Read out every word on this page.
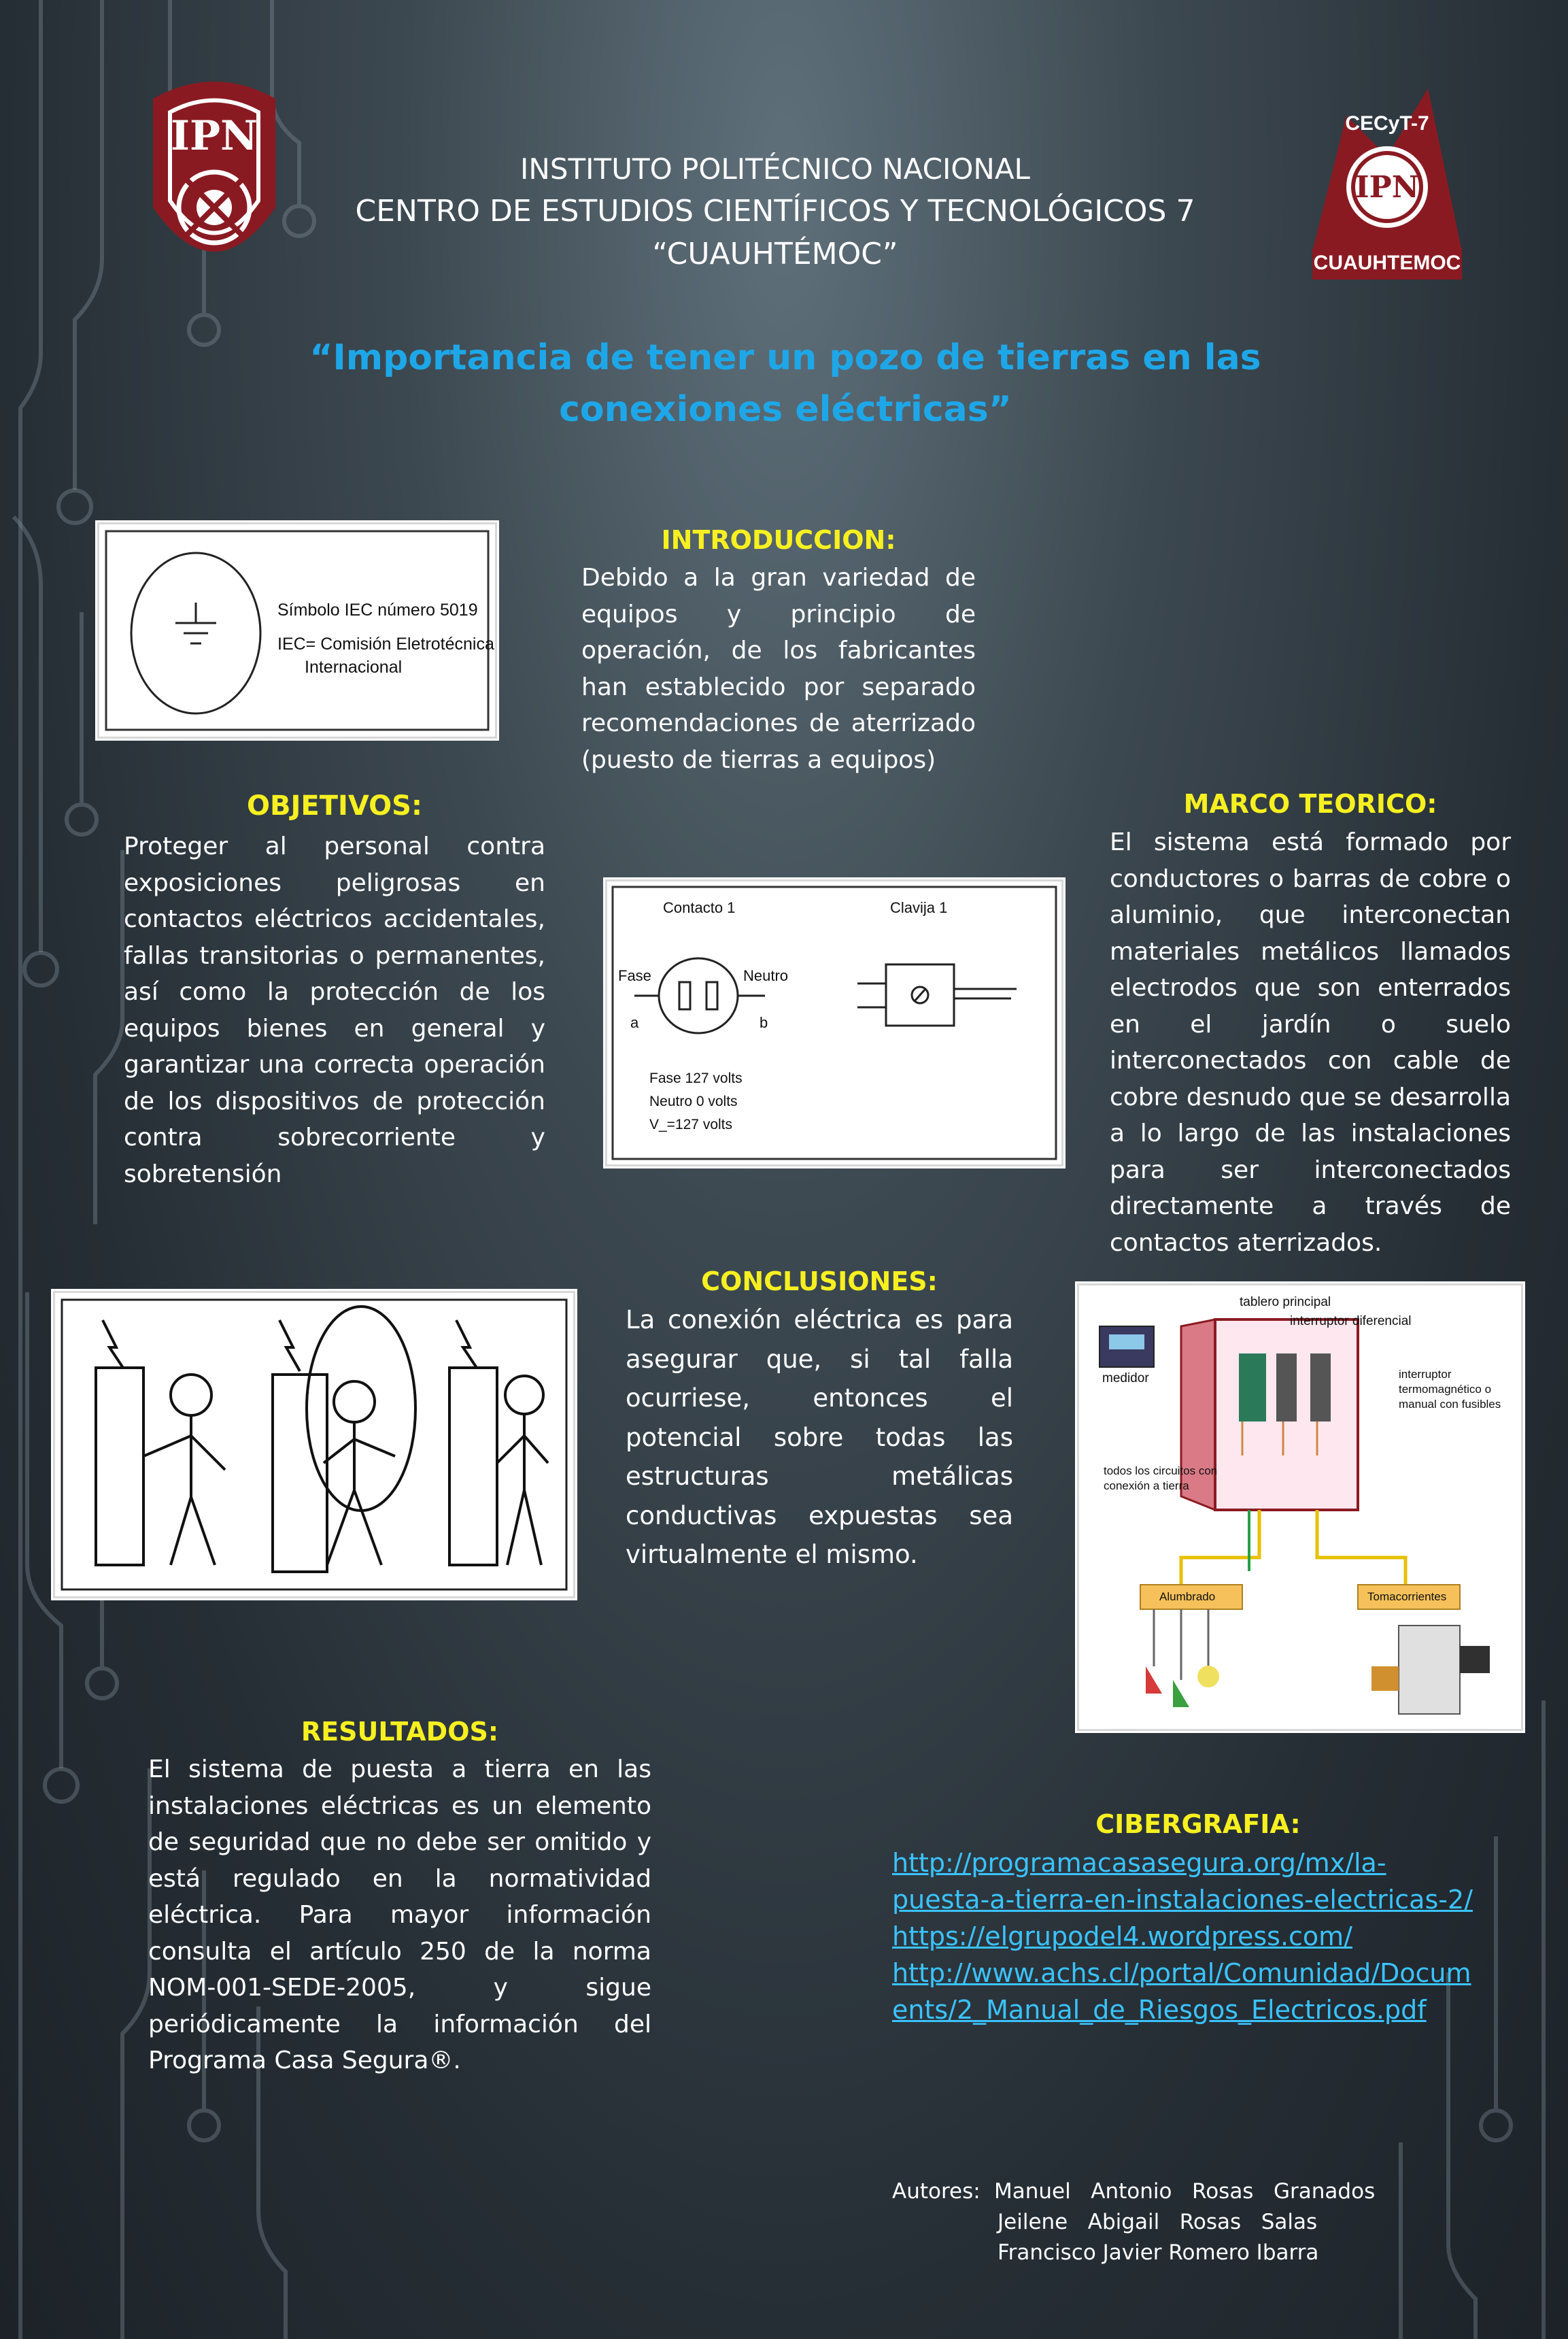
IPN	CECyT-7
IPN
CUAUHTEMOC
INSTITUTO POLITÉCNICO NACIONAL
CENTRO DE ESTUDIOS CIENTÍFICOS Y TECNOLÓGICOS 7
“CUAUHTÉMOC”
“Importancia de tener un pozo de tierras en las
conexiones eléctricas”
Símbolo IEC número 5019
IEC= Comisión Eletrotécnica
Internacional
INTRODUCCION:
Debido a la gran variedad de equipos y principio de operación, de los fabricantes han establecido por separado recomendaciones de aterrizado (puesto de tierras a equipos)
OBJETIVOS:
Proteger al personal contra exposiciones peligrosas en contactos eléctricos accidentales, fallas transitorias o permanentes, así como la protección de los equipos bienes en general y garantizar una correcta operación de los dispositivos de protección contra sobrecorriente y sobretensión
Contacto 1	Clavija 1
Fase	Neutro
a	b
Fase 127 volts
Neutro 0 volts
V_=127 volts
MARCO TEORICO:
El sistema está formado por conductores o barras de cobre o aluminio, que interconectan materiales metálicos llamados electrodos que son enterrados en el jardín o suelo interconectados con cable de cobre desnudo que se desarrolla a lo largo de las instalaciones para ser interconectados directamente a través de contactos aterrizados.
CONCLUSIONES:
La conexión eléctrica es para asegurar que, si tal falla ocurriese, entonces el potencial sobre todas las estructuras metálicas conductivas expuestas sea virtualmente el mismo.
tablero principal
interruptor diferencial
medidor	interruptor termomagnético o manual con fusibles
todos los circuitos con conexión a tierra
Alumbrado	Tomacorrientes
RESULTADOS:
El sistema de puesta a tierra en las instalaciones eléctricas es un elemento de seguridad que no debe ser omitido y está regulado en la normatividad eléctrica. Para mayor información consulta el artículo 250 de la norma NOM-001-SEDE-2005, y sigue periódicamente la información del Programa Casa Segura®.
CIBERGRAFIA:
http://programacasasegura.org/mx/la-
puesta-a-tierra-en-instalaciones-electricas-2/
https://elgrupodel4.wordpress.com/
http://www.achs.cl/portal/Comunidad/Docum
ents/2_Manual_de_Riesgos_Electricos.pdf
Autores: Manuel   Antonio   Rosas   Granados
Jeilene   Abigail   Rosas   Salas
Francisco Javier Romero Ibarra
